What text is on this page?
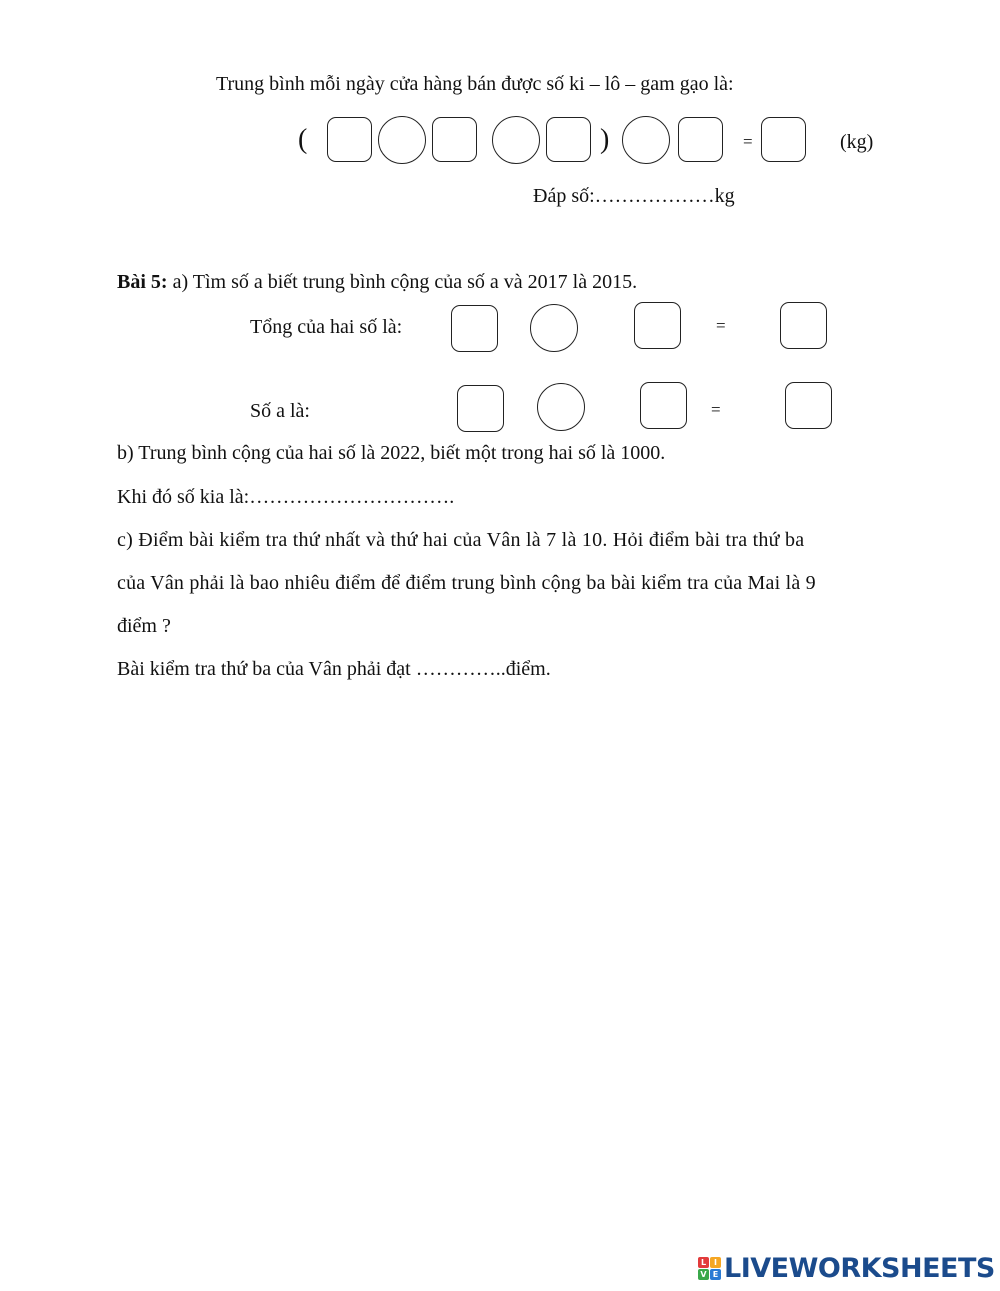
Trung bình mỗi ngày cửa hàng bán được số ki – lô – gam gạo là:
(	)	=	(kg)
Đáp số:………………kg
Bài 5: a) Tìm số a biết trung bình cộng của số a và 2017 là 2015.
Tổng của hai số là:	=
Số a là:	=
b) Trung bình cộng của hai số là 2022, biết một trong hai số là 1000.
Khi đó số kia là:………………………….
c) Điểm bài kiểm tra thứ nhất và thứ hai của Vân là 7 là 10. Hỏi điểm bài tra thứ ba
của Vân phải là bao nhiêu điểm để điểm trung bình cộng ba bài kiểm tra của Mai là 9
điểm ?
Bài kiểm tra thứ ba của Vân phải đạt …………..điểm.
L I
V E LIVEWORKSHEETS
